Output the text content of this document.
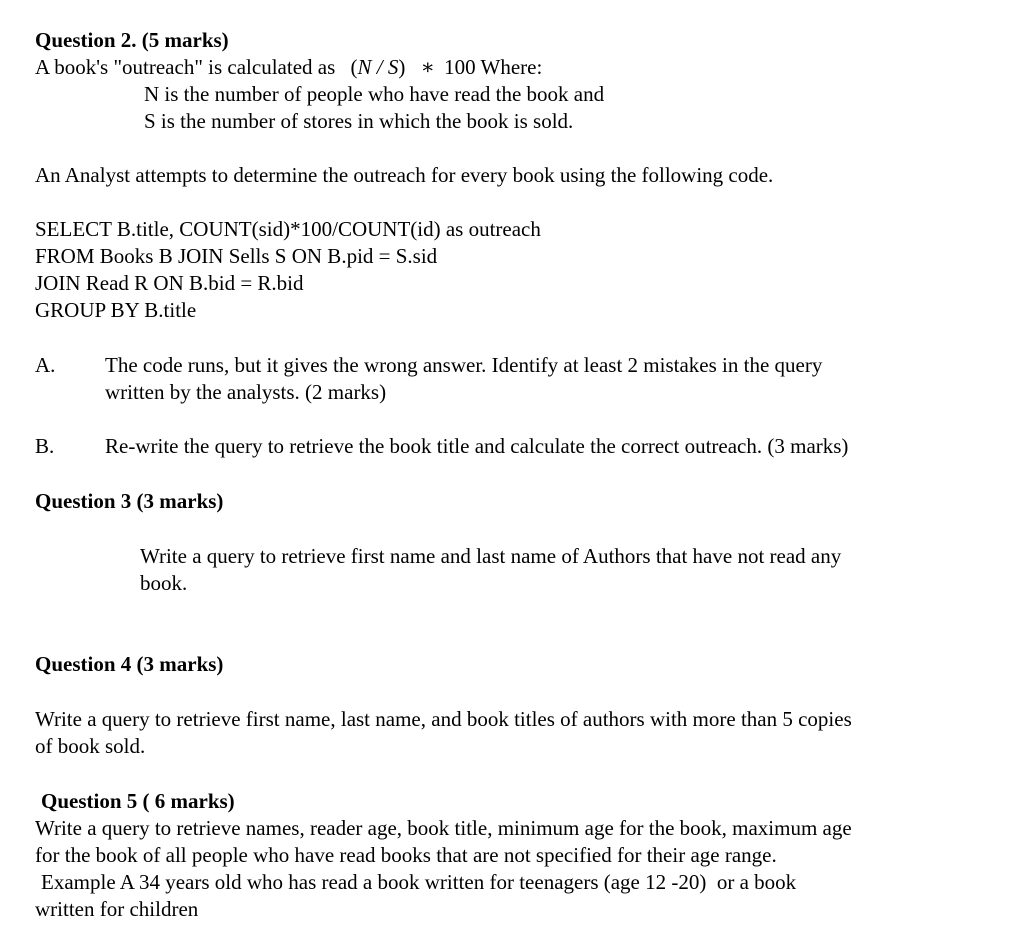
Question 2. (5 marks)
A book's "outreach" is calculated as (N / S) ∗ 100 Where:
N is the number of people who have read the book and
S is the number of stores in which the book is sold.
An Analyst attempts to determine the outreach for every book using the following code.
SELECT B.title, COUNT(sid)*100/COUNT(id) as outreach
FROM Books B JOIN Sells S ON B.pid = S.sid
JOIN Read R ON B.bid = R.bid
GROUP BY B.title
A. The code runs, but it gives the wrong answer. Identify at least 2 mistakes in the query
written by the analysts. (2 marks)
B. Re-write the query to retrieve the book title and calculate the correct outreach. (3 marks)
Question 3 (3 marks)
Write a query to retrieve first name and last name of Authors that have not read any
book.
Question 4 (3 marks)
Write a query to retrieve first name, last name, and book titles of authors with more than 5 copies
of book sold.
Question 5 ( 6 marks)
Write a query to retrieve names, reader age, book title, minimum age for the book, maximum age
for the book of all people who have read books that are not specified for their age range.
Example A 34 years old who has read a book written for teenagers (age 12 -20)  or a book
written for children
